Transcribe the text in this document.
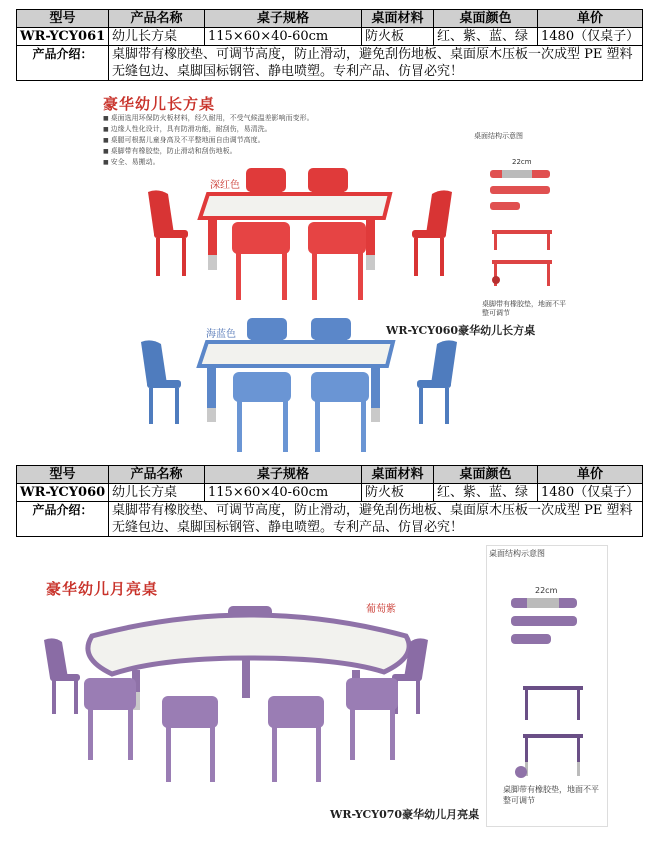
型号	产品名称	桌子规格	桌面材料	桌面颜色	单价
WR-YCY061	幼儿长方桌	115×60×40-60cm	防火板	红、紫、蓝、绿	1480（仅桌子）
产品介绍：	桌脚带有橡胶垫、可调节高度，防止滑动，避免刮伤地板、桌面原木压板一次成型 PE 塑料无缝包边、桌脚国标钢管、静电喷塑。专利产品、仿冒必究！				
豪华幼儿长方桌
■ 桌面选用环保防火板材料，经久耐用，不受气候温差影响而变形。
■ 边缘人性化设计，具有防滑功能，耐刮伤，易清洗。
■ 桌腿可根据儿童身高及不平整地面自由调节高度。
■ 桌脚带有橡胶垫，防止滑动和刮伤地板。
■ 安全、易搬动。
深红色
桌面结构示意图
22cm
桌脚带有橡胶垫，地面不平整可调节
海蓝色	WR-YCY060豪华幼儿长方桌
型号	产品名称	桌子规格	桌面材料	桌面颜色	单价
WR-YCY060	幼儿长方桌	115×60×40-60cm	防火板	红、紫、蓝、绿	1480（仅桌子）
产品介绍：	桌脚带有橡胶垫、可调节高度，防止滑动，避免刮伤地板、桌面原木压板一次成型 PE 塑料无缝包边、桌脚国标钢管、静电喷塑。专利产品、仿冒必究！				
豪华幼儿月亮桌
葡萄紫
WR-YCY070豪华幼儿月亮桌
桌面结构示意图
22cm
桌脚带有橡胶垫，地面不平整可调节
